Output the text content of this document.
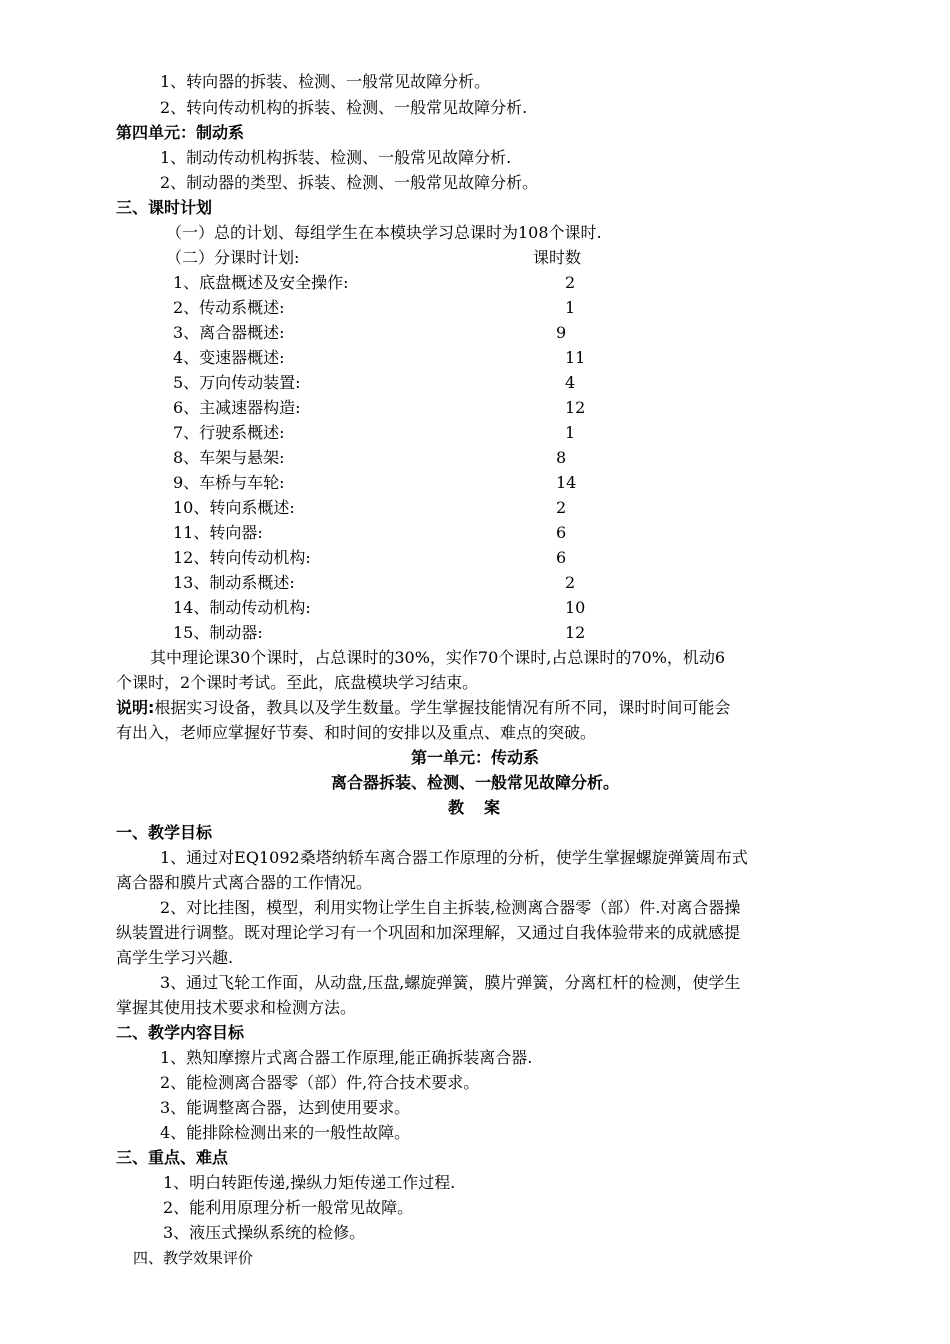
1、转向器的拆装、检测、一般常见故障分析。
2、转向传动机构的拆装、检测、一般常见故障分析.
第四单元：制动系
1、制动传动机构拆装、检测、一般常见故障分析.
2、制动器的类型、拆装、检测、一般常见故障分析。
三、课时计划
（一）总的计划、每组学生在本模块学习总课时为108个课时.
（二）分课时计划:	课时数
1、底盘概述及安全操作:	2
2、传动系概述:	1
3、离合器概述:	9
4、变速器概述:	11
5、万向传动装置:	4
6、主减速器构造:	12
7、行驶系概述:	1
8、车架与悬架:	8
9、车桥与车轮:	14
10、转向系概述:	2
11、转向器:	6
12、转向传动机构:	6
13、制动系概述:	2
14、制动传动机构:	10
15、制动器:	12
其中理论课30个课时，占总课时的30%，实作70个课时,占总课时的70%，机动6
个课时，2个课时考试。至此，底盘模块学习结束。
说明:根据实习设备，教具以及学生数量。学生掌握技能情况有所不同，课时时间可能会
有出入，老师应掌握好节奏、和时间的安排以及重点、难点的突破。
第一单元：传动系
离合器拆装、检测、一般常见故障分析。
教　案
一、教学目标
1、通过对EQ1092桑塔纳轿车离合器工作原理的分析，使学生掌握螺旋弹簧周布式
离合器和膜片式离合器的工作情况。
2、对比挂图，模型，利用实物让学生自主拆装,检测离合器零（部）件.对离合器操
纵装置进行调整。既对理论学习有一个巩固和加深理解，又通过自我体验带来的成就感提
高学生学习兴趣.
3、通过飞轮工作面，从动盘,压盘,螺旋弹簧，膜片弹簧，分离杠杆的检测，使学生
掌握其使用技术要求和检测方法。
二、教学内容目标
1、熟知摩擦片式离合器工作原理,能正确拆装离合器.
2、能检测离合器零（部）件,符合技术要求。
3、能调整离合器，达到使用要求。
4、能排除检测出来的一般性故障。
三、重点、难点
1、明白转距传递,操纵力矩传递工作过程.
2、能利用原理分析一般常见故障。
3、液压式操纵系统的检修。
四、教学效果评价
